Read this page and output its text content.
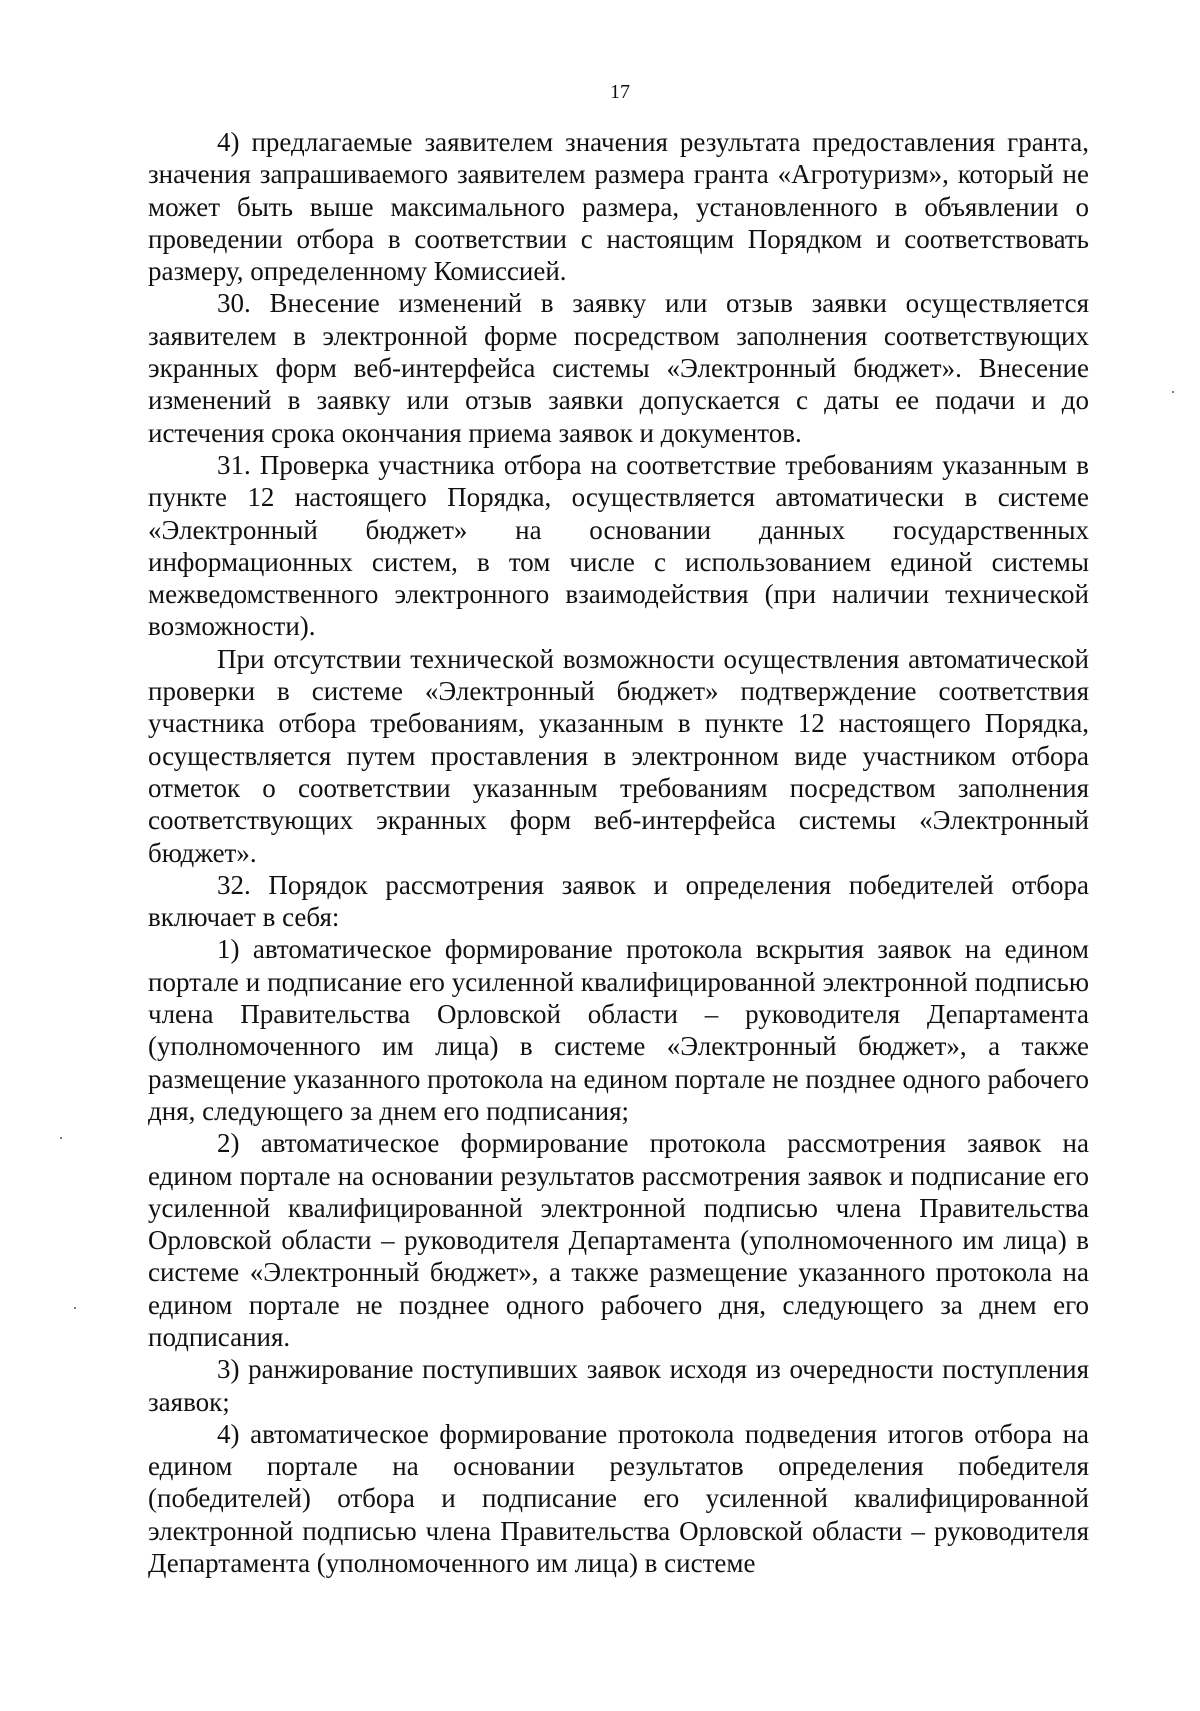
17

4) предлагаемые заявителем значения результата предоставления гранта, значения запрашиваемого заявителем размера гранта «Агротуризм», который не может быть выше максимального размера, установленного в объявлении о проведении отбора в соответствии с настоящим Порядком и соответствовать размеру, определенному Комиссией.

30. Внесение изменений в заявку или отзыв заявки осуществляется заявителем в электронной форме посредством заполнения соответствующих экранных форм веб-интерфейса системы «Электронный бюджет». Внесение изменений в заявку или отзыв заявки допускается с даты ее подачи и до истечения срока окончания приема заявок и документов.

31. Проверка участника отбора на соответствие требованиям указанным в пункте 12 настоящего Порядка, осуществляется автоматически в системе «Электронный бюджет» на основании данных государственных информационных систем, в том числе с использованием единой системы межведомственного электронного взаимодействия (при наличии технической возможности).

При отсутствии технической возможности осуществления автоматической проверки в системе «Электронный бюджет» подтверждение соответствия участника отбора требованиям, указанным в пункте 12 настоящего Порядка, осуществляется путем проставления в электронном виде участником отбора отметок о соответствии указанным требованиям посредством заполнения соответствующих экранных форм веб-интерфейса системы «Электронный бюджет».

32. Порядок рассмотрения заявок и определения победителей отбора включает в себя:

1) автоматическое формирование протокола вскрытия заявок на едином портале и подписание его усиленной квалифицированной электронной подписью члена Правительства Орловской области – руководителя Департамента (уполномоченного им лица) в системе «Электронный бюджет», а также размещение указанного протокола на едином портале не позднее одного рабочего дня, следующего за днем его подписания;

2) автоматическое формирование протокола рассмотрения заявок на едином портале на основании результатов рассмотрения заявок и подписание его усиленной квалифицированной электронной подписью члена Правительства Орловской области – руководителя Департамента (уполномоченного им лица) в системе «Электронный бюджет», а также размещение указанного протокола на едином портале не позднее одного рабочего дня, следующего за днем его подписания.

3) ранжирование поступивших заявок исходя из очередности поступления заявок;

4) автоматическое формирование протокола подведения итогов отбора на едином портале на основании результатов определения победителя (победителей) отбора и подписание его усиленной квалифицированной электронной подписью члена Правительства Орловской области – руководителя Департамента (уполномоченного им лица) в системе
